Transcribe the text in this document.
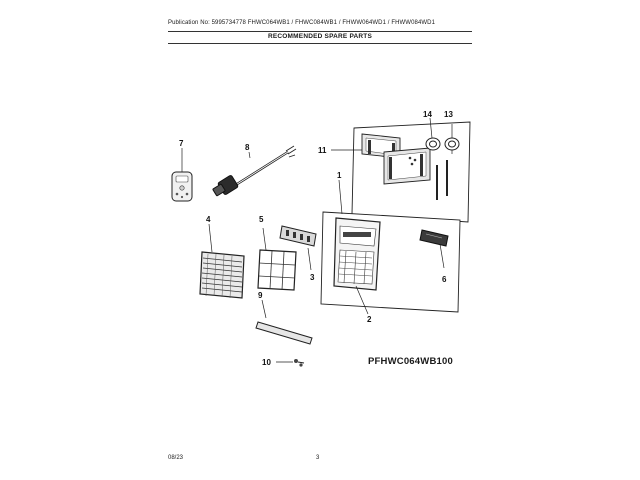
Publication No: 5995734778 FHWC064WB1 / FHWC084WB1 / FHWW064WD1 / FHWW084WD1
RECOMMENDED SPARE PARTS
1
2
3
4	5
6
7	8
9
10
11
13
14
PFHWC064WB100
08/23	3
